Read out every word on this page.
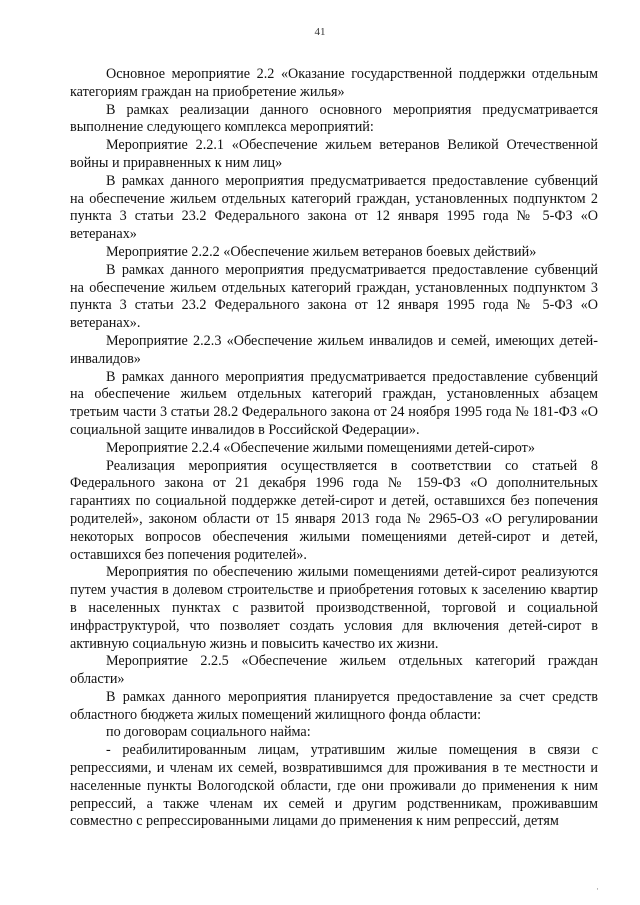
41

Основное мероприятие 2.2 «Оказание государственной поддержки отдельным категориям граждан на приобретение жилья»

В рамках реализации данного основного мероприятия предусматривается выполнение следующего комплекса мероприятий:

Мероприятие 2.2.1 «Обеспечение жильем ветеранов Великой Отечественной войны и приравненных к ним лиц»

В рамках данного мероприятия предусматривается предоставление субвенций на обеспечение жильем отдельных категорий граждан, установленных подпунктом 2 пункта 3 статьи 23.2 Федерального закона от 12 января 1995 года № 5-ФЗ «О ветеранах»

Мероприятие 2.2.2 «Обеспечение жильем ветеранов боевых действий»

В рамках данного мероприятия предусматривается предоставление субвенций на обеспечение жильем отдельных категорий граждан, установленных подпунктом 3 пункта 3 статьи 23.2 Федерального закона от 12 января 1995 года № 5-ФЗ «О ветеранах».

Мероприятие 2.2.3 «Обеспечение жильем инвалидов и семей, имеющих детей-инвалидов»

В рамках данного мероприятия предусматривается предоставление субвенций на обеспечение жильем отдельных категорий граждан, установленных абзацем третьим части 3 статьи 28.2 Федерального закона от 24 ноября 1995 года № 181-ФЗ «О социальной защите инвалидов в Российской Федерации».

Мероприятие 2.2.4 «Обеспечение жилыми помещениями детей-сирот»

Реализация мероприятия осуществляется в соответствии со статьей 8 Федерального закона от 21 декабря 1996 года № 159-ФЗ «О дополнительных гарантиях по социальной поддержке детей-сирот и детей, оставшихся без попечения родителей», законом области от 15 января 2013 года № 2965-ОЗ «О регулировании некоторых вопросов обеспечения жилыми помещениями детей-сирот и детей, оставшихся без попечения родителей».

Мероприятия по обеспечению жилыми помещениями детей-сирот реализуются путем участия в долевом строительстве и приобретения готовых к заселению квартир в населенных пунктах с развитой производственной, торговой и социальной инфраструктурой, что позволяет создать условия для включения детей-сирот в активную социальную жизнь и повысить качество их жизни.

Мероприятие 2.2.5 «Обеспечение жильем отдельных категорий граждан области»

В рамках данного мероприятия планируется предоставление за счет средств областного бюджета жилых помещений жилищного фонда области:

по договорам социального найма:

- реабилитированным лицам, утратившим жилые помещения в связи с репрессиями, и членам их семей, возвратившимся для проживания в те местности и населенные пункты Вологодской области, где они проживали до применения к ним репрессий, а также членам их семей и другим родственникам, проживавшим совместно с репрессированными лицами до применения к ним репрессий, детям

·
